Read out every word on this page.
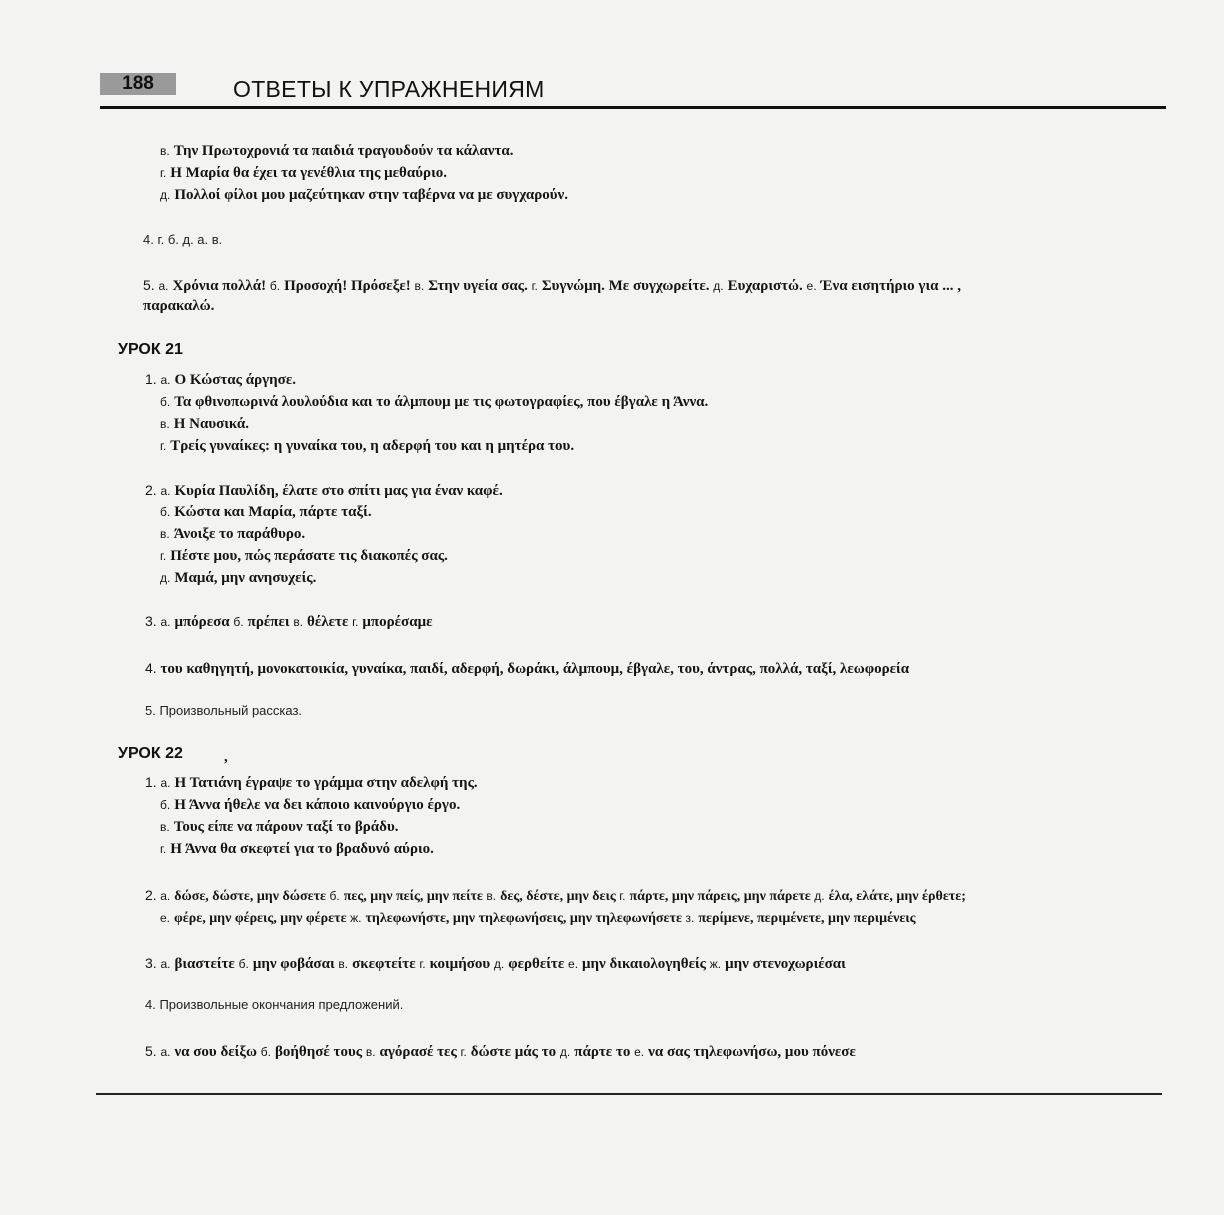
188	ОТВЕТЫ К УПРАЖНЕНИЯМ
в. Την Πρωτοχρονιά τα παιδιά τραγουδούν τα κάλαντα.
г. Η Μαρία θα έχει τα γενέθλια της μεθαύριο.
д. Πολλοί φίλοι μου μαζεύτηκαν στην ταβέρνα να με συγχαρούν.
4. г. б. д. а. в.
5. а. Χρόνια πολλά! б. Προσοχή! Πρόσεξε! в. Στην υγεία σας. г. Συγνώμη. Με συγχωρείτε. д. Ευχαριστώ. е. Ένα εισητήριο για ... ,
παρακαλώ.
УРОК 21
1. а. Ο Κώστας άργησε.
б. Τα φθινοπωρινά λουλούδια και το άλμπουμ με τις φωτογραφίες, που έβγαλε η Άννα.
в. Η Ναυσικά.
г. Τρείς γυναίκες: η γυναίκα του, η αδερφή του και η μητέρα του.
2. а. Κυρία Παυλίδη, έλατε στο σπίτι μας για έναν καφέ.
б. Κώστα και Μαρία, πάρτε ταξί.
в. Άνοιξε το παράθυρο.
г. Πέστε μου, πώς περάσατε τις διακοπές σας.
д. Μαμά, μην ανησυχείς.
3. а. μπόρεσα б. πρέπει в. θέλετε г. μπορέσαμε
4. του καθηγητή, μονοκατοικία, γυναίκα, παιδί, αδερφή, δωράκι, άλμπουμ, έβγαλε, του, άντρας, πολλά, ταξί, λεωφορεία
5. Произвольный рассказ.
УРОК 22	,
1. а. Η Τατιάνη έγραψε το γράμμα στην αδελφή της.
б. Η Άννα ήθελε να δει κάποιο καινούργιο έργο.
в. Τους είπε να πάρουν ταξί το βράδυ.
г. Η Άννα θα σκεφτεί για το βραδυνό αύριο.
2. а. δώσε, δώστε, μην δώσετε б. πες, μην πείς, μην πείτε в. δες, δέστε, μην δεις г. πάρτε, μην πάρεις, μην πάρετε д. έλα, ελάτε, μην έρθετε;
е. φέρε, μην φέρεις, μην φέρετε ж. τηλεφωνήστε, μην τηλεφωνήσεις, μην τηλεφωνήσετε з. περίμενε, περιμένετε, μην περιμένεις
3. а. βιαστείτε б. μην φοβάσαι в. σκεφτείτε г. κοιμήσου д. φερθείτε е. μην δικαιολογηθείς ж. μην στενοχωριέσαι
4. Произвольные окончания предложений.
5. а. να σου δείξω б. βοήθησέ τους в. αγόρασέ τες г. δώστε μάς το д. πάρτε το е. να σας τηλεφωνήσω, μου πόνεσε
